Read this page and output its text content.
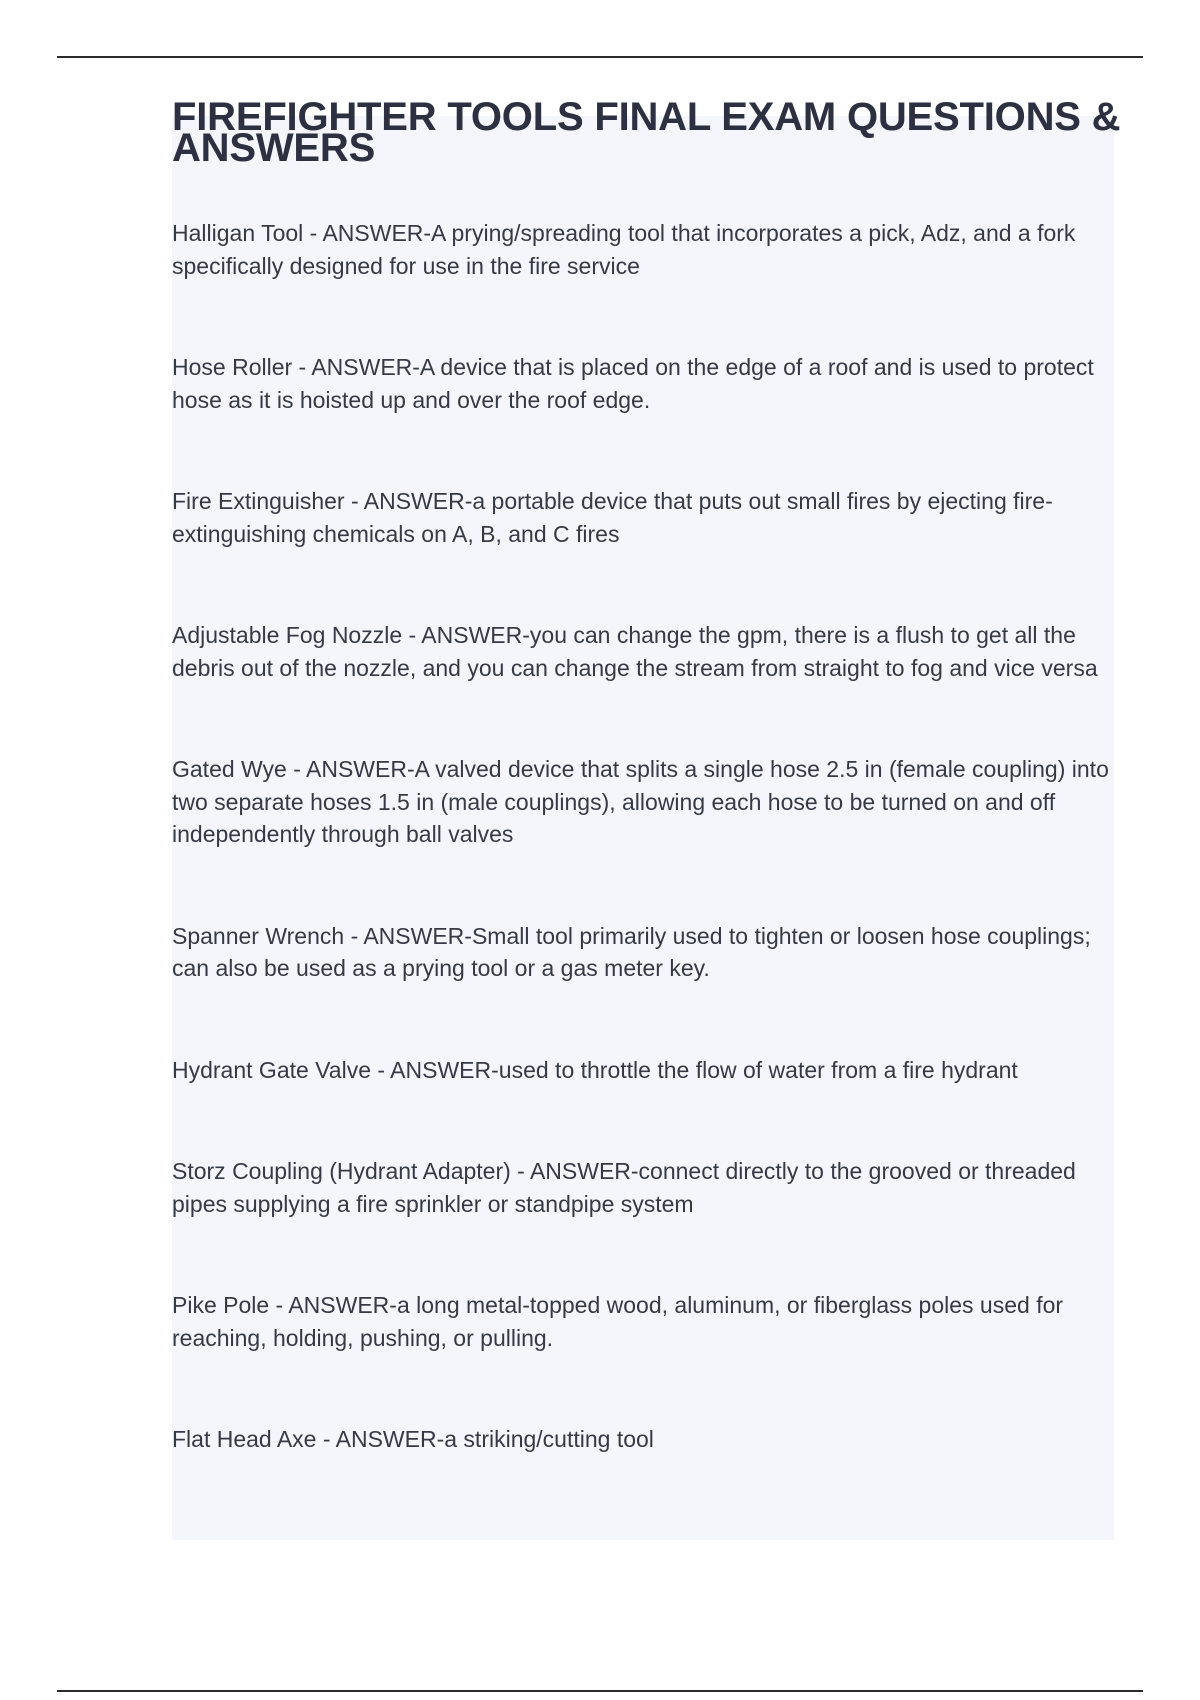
FIREFIGHTER TOOLS FINAL EXAM QUESTIONS & ANSWERS

Halligan Tool - ANSWER-A prying/spreading tool that incorporates a pick, Adz, and a fork specifically designed for use in the fire service

Hose Roller - ANSWER-A device that is placed on the edge of a roof and is used to protect hose as it is hoisted up and over the roof edge.

Fire Extinguisher - ANSWER-a portable device that puts out small fires by ejecting fire-extinguishing chemicals on A, B, and C fires

Adjustable Fog Nozzle - ANSWER-you can change the gpm, there is a flush to get all the debris out of the nozzle, and you can change the stream from straight to fog and vice versa

Gated Wye - ANSWER-A valved device that splits a single hose 2.5 in (female coupling) into two separate hoses 1.5 in (male couplings), allowing each hose to be turned on and off independently through ball valves

Spanner Wrench - ANSWER-Small tool primarily used to tighten or loosen hose couplings; can also be used as a prying tool or a gas meter key.

Hydrant Gate Valve - ANSWER-used to throttle the flow of water from a fire hydrant

Storz Coupling (Hydrant Adapter) - ANSWER-connect directly to the grooved or threaded pipes supplying a fire sprinkler or standpipe system

Pike Pole - ANSWER-a long metal-topped wood, aluminum, or fiberglass poles used for reaching, holding, pushing, or pulling.

Flat Head Axe - ANSWER-a striking/cutting tool
